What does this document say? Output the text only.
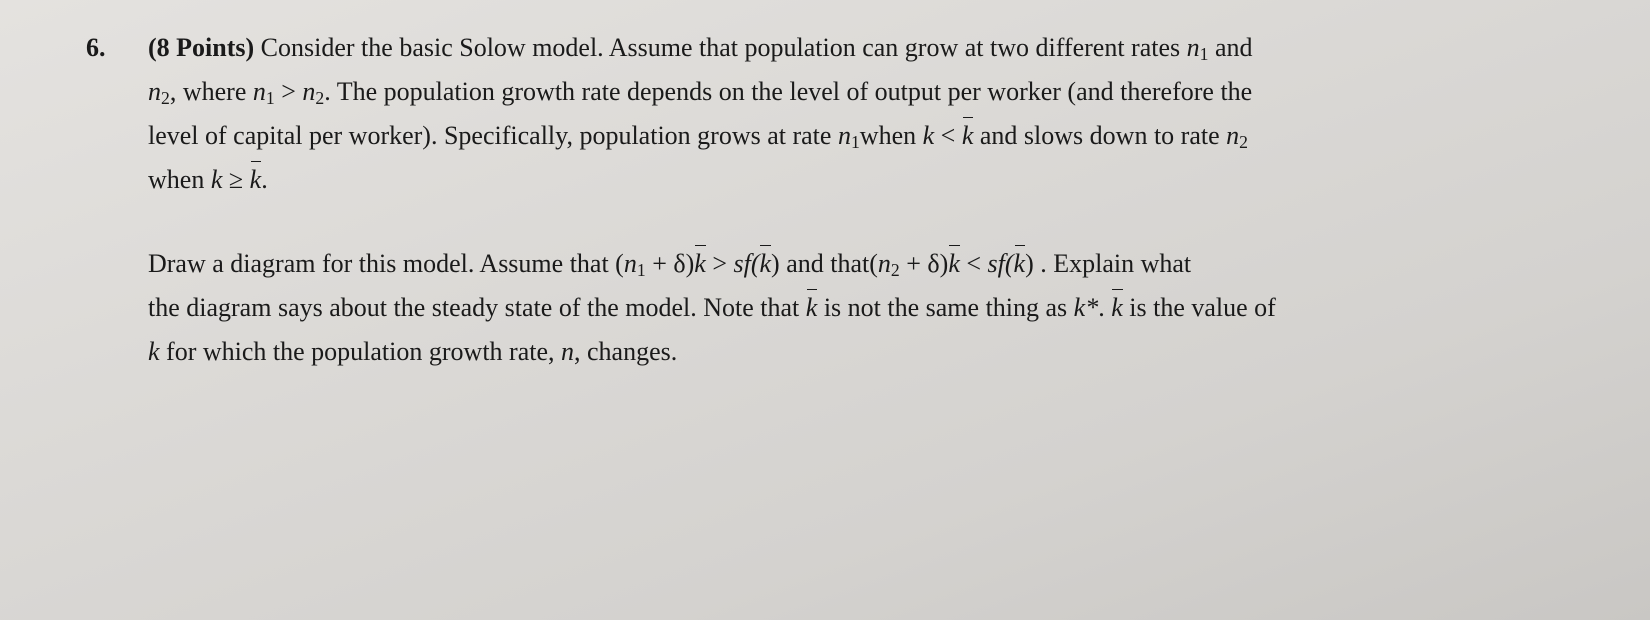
6. (8 Points) Consider the basic Solow model. Assume that population can grow at two different rates $n_1$ and
$n_2$, where $n_1 > n_2$. The population growth rate depends on the level of output per worker (and therefore the
level of capital per worker). Specifically, population grows at rate $n_1when$ k < k and slows down to rate $n_2$
when k ≥ k.
Draw a diagram for this model. Assume that $(n_1 + \delta)k > sf(k)$ and $that(n_2 + \delta)k < sf(k)$ . Explain what
the diagram says about the steady state of the model. Note that k is not the same thing as k*. k is the value of
k for which the population growth rate, n, changes.
